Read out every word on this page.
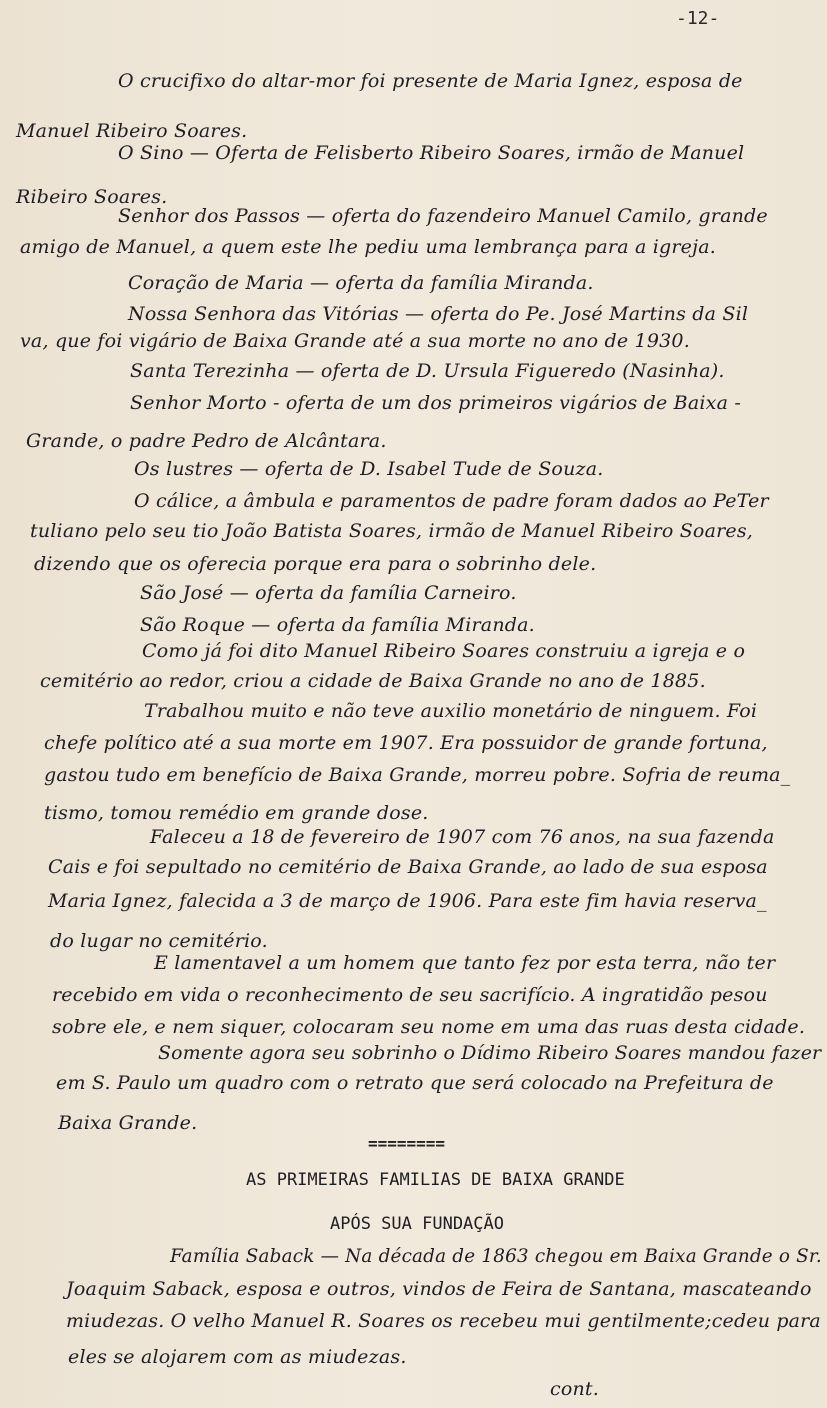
-12-

O crucifixo do altar-mor foi presente de Maria Ignez, esposa de

Manuel Ribeiro Soares.

O Sino — Oferta de Felisberto Ribeiro Soares, irmão de Manuel

Ribeiro Soares.

Senhor dos Passos — oferta do fazendeiro Manuel Camilo, grande

amigo de Manuel, a quem este lhe pediu uma lembrança para a igreja.

Coração de Maria — oferta da família Miranda.

Nossa Senhora das Vitórias — oferta do Pe. José Martins da Sil

va, que foi vigário de Baixa Grande até a sua morte no ano de 1930.

Santa Terezinha — oferta de D. Ursula Figueredo (Nasinha).

Senhor Morto - oferta de um dos primeiros vigários de Baixa -

Grande, o padre Pedro de Alcântara.

Os lustres — oferta de D. Isabel Tude de Souza.

O cálice, a âmbula e paramentos de padre foram dados ao PeTer

tuliano pelo seu tio João Batista Soares, irmão de Manuel Ribeiro Soares,

dizendo que os oferecia porque era para o sobrinho dele.

São José — oferta da família Carneiro.

São Roque — oferta da família Miranda.

Como já foi dito Manuel Ribeiro Soares construiu a igreja e o

cemitério ao redor, criou a cidade de Baixa Grande no ano de 1885.

Trabalhou muito e não teve auxilio monetário de ninguem. Foi

chefe político até a sua morte em 1907. Era possuidor de grande fortuna,

gastou tudo em benefício de Baixa Grande, morreu pobre. Sofria de reuma_

tismo, tomou remédio em grande dose.

Faleceu a 18 de fevereiro de 1907 com 76 anos, na sua fazenda

Cais e foi sepultado no cemitério de Baixa Grande, ao lado de sua esposa

Maria Ignez, falecida a 3 de março de 1906. Para este fim havia reserva_

do lugar no cemitério.

E lamentavel a um homem que tanto fez por esta terra, não ter

recebido em vida o reconhecimento de seu sacrifício. A ingratidão pesou

sobre ele, e nem siquer, colocaram seu nome em uma das ruas desta cidade.

Somente agora seu sobrinho o Dídimo Ribeiro Soares mandou fazer

em S. Paulo um quadro com o retrato que será colocado na Prefeitura de

Baixa Grande.

========
AS PRIMEIRAS FAMILIAS DE BAIXA GRANDE
APÓS SUA FUNDAÇÃO

Família Saback — Na década de 1863 chegou em Baixa Grande o Sr.

Joaquim Saback, esposa e outros, vindos de Feira de Santana, mascateando

miudezas. O velho Manuel R. Soares os recebeu mui gentilmente;cedeu para

eles se alojarem com as miudezas.

cont.
